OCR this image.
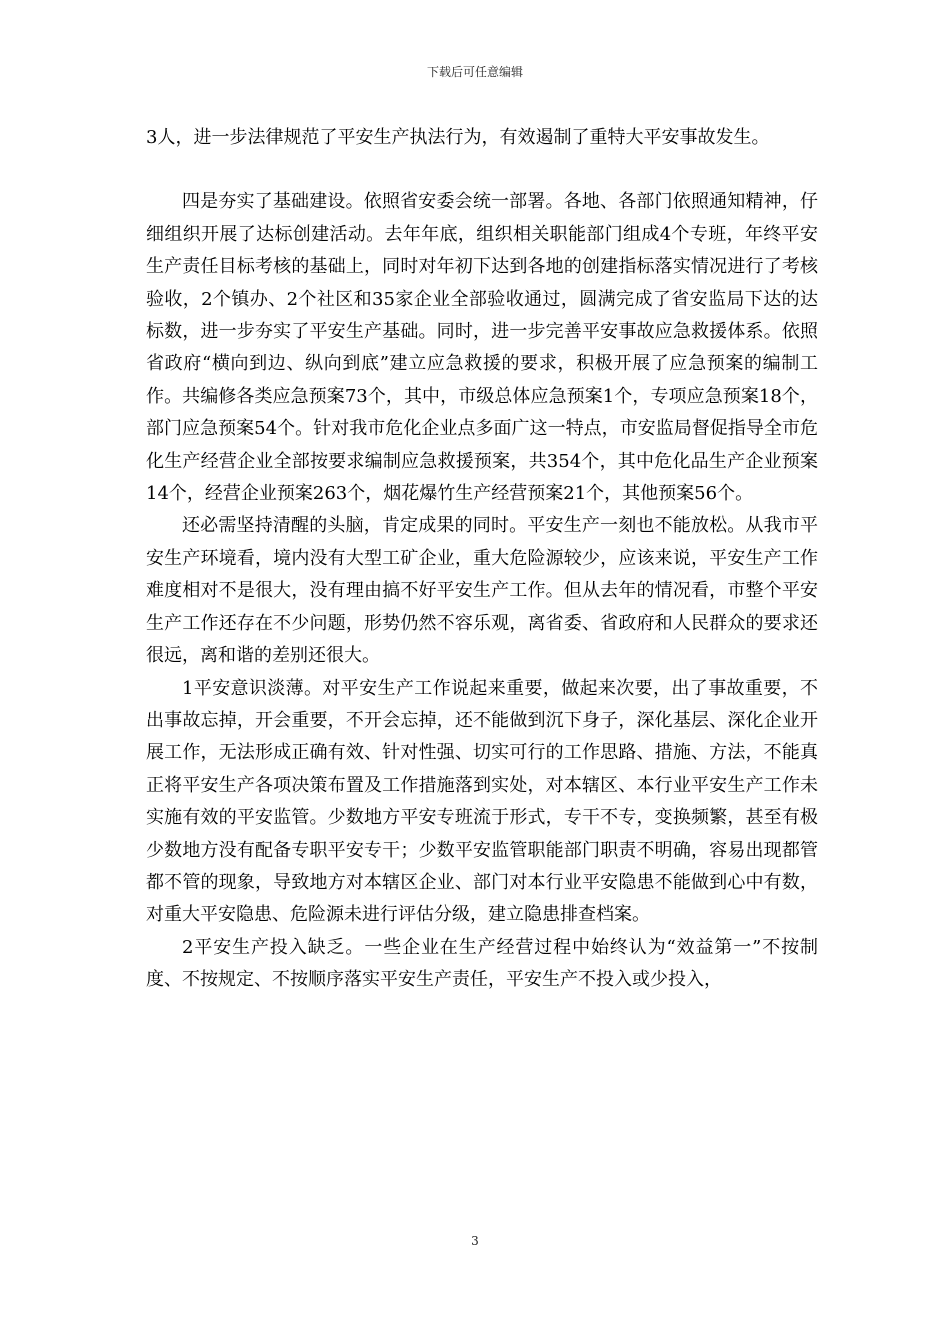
下载后可任意编辑

3人，进一步法律规范了平安生产执法行为，有效遏制了重特大平安事故发生。

四是夯实了基础建设。依照省安委会统一部署。各地、各部门依照通知精神，仔细组织开展了达标创建活动。去年年底，组织相关职能部门组成4个专班，年终平安生产责任目标考核的基础上，同时对年初下达到各地的创建指标落实情况进行了考核验收，2个镇办、2个社区和35家企业全部验收通过，圆满完成了省安监局下达的达标数，进一步夯实了平安生产基础。同时，进一步完善平安事故应急救援体系。依照省政府“横向到边、纵向到底”建立应急救援的要求，积极开展了应急预案的编制工作。共编修各类应急预案73个，其中，市级总体应急预案1个，专项应急预案18个，部门应急预案54个。针对我市危化企业点多面广这一特点，市安监局督促指导全市危化生产经营企业全部按要求编制应急救援预案，共354个，其中危化品生产企业预案14个，经营企业预案263个，烟花爆竹生产经营预案21个，其他预案56个。

还必需坚持清醒的头脑，肯定成果的同时。平安生产一刻也不能放松。从我市平安生产环境看，境内没有大型工矿企业，重大危险源较少，应该来说，平安生产工作难度相对不是很大，没有理由搞不好平安生产工作。但从去年的情况看，市整个平安生产工作还存在不少问题，形势仍然不容乐观，离省委、省政府和人民群众的要求还很远，离和谐的差别还很大。

1平安意识淡薄。对平安生产工作说起来重要，做起来次要，出了事故重要，不出事故忘掉，开会重要，不开会忘掉，还不能做到沉下身子，深化基层、深化企业开展工作，无法形成正确有效、针对性强、切实可行的工作思路、措施、方法，不能真正将平安生产各项决策布置及工作措施落到实处，对本辖区、本行业平安生产工作未实施有效的平安监管。少数地方平安专班流于形式，专干不专，变换频繁，甚至有极少数地方没有配备专职平安专干；少数平安监管职能部门职责不明确，容易出现都管都不管的现象，导致地方对本辖区企业、部门对本行业平安隐患不能做到心中有数，对重大平安隐患、危险源未进行评估分级，建立隐患排查档案。

2平安生产投入缺乏。一些企业在生产经营过程中始终认为“效益第一”不按制度、不按规定、不按顺序落实平安生产责任，平安生产不投入或少投入，

3
